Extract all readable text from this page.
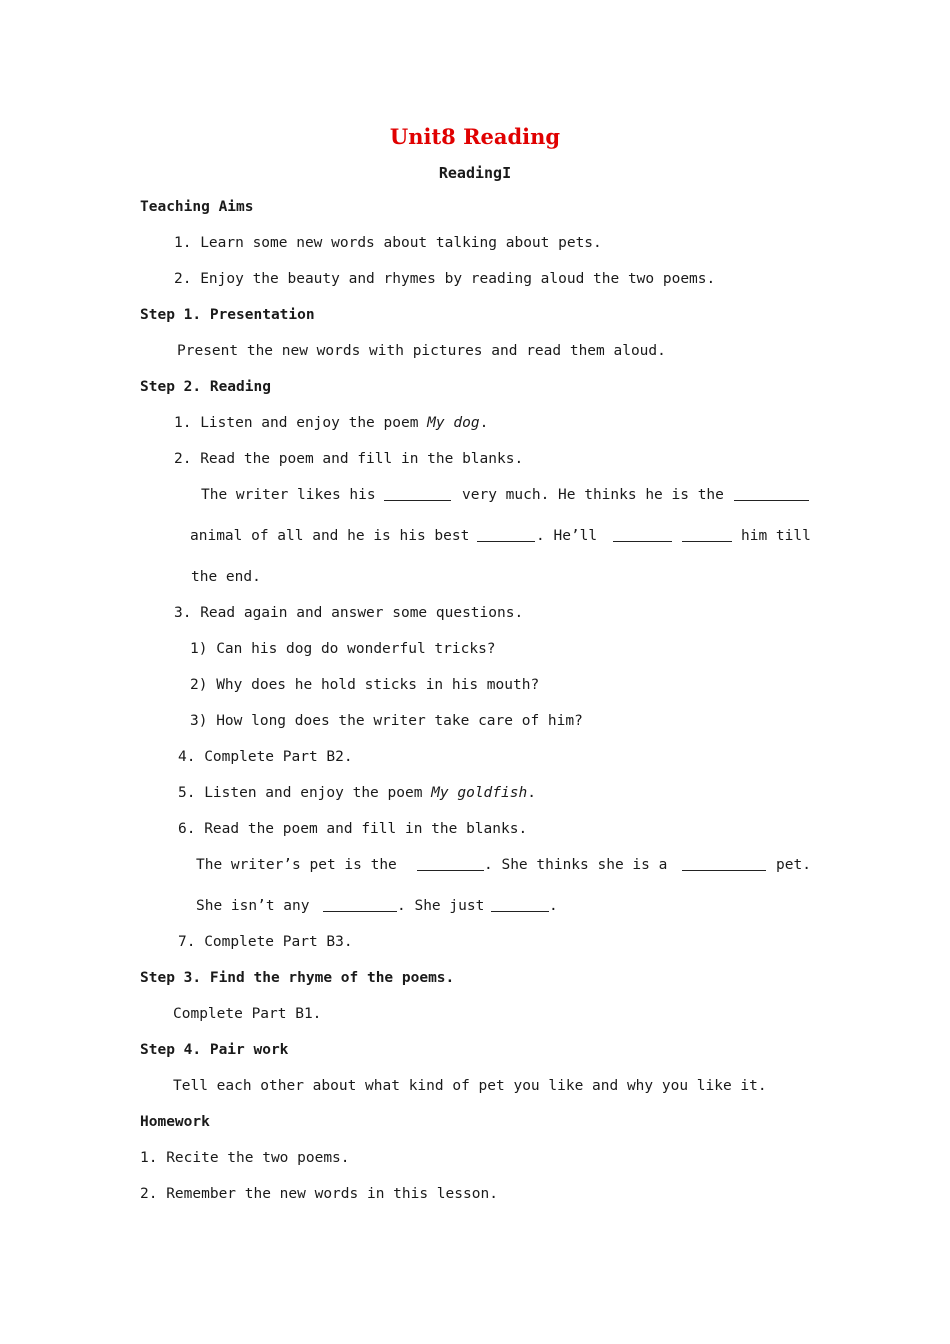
Unit8 Reading
ReadingI
Teaching Aims
1. Learn some new words about talking about pets.
2. Enjoy the beauty and rhymes by reading aloud the two poems.
Step 1. Presentation
Present the new words with pictures and read them aloud.
Step 2. Reading
1. Listen and enjoy the poem My dog.
2. Read the poem and fill in the blanks.
The writer likes his	very much. He thinks he is the
animal of all and he is his best	. He’ll	him till
the end.
3. Read again and answer some questions.
1) Can his dog do wonderful tricks?
2) Why does he hold sticks in his mouth?
3) How long does the writer take care of him?
4. Complete Part B2.
5. Listen and enjoy the poem My goldfish.
6. Read the poem and fill in the blanks.
The writer’s pet is the	. She thinks she is a	pet.
She isn’t any	. She just	.
7. Complete Part B3.
Step 3. Find the rhyme of the poems.
Complete Part B1.
Step 4. Pair work
Tell each other about what kind of pet you like and why you like it.
Homework
1. Recite the two poems.
2. Remember the new words in this lesson.
